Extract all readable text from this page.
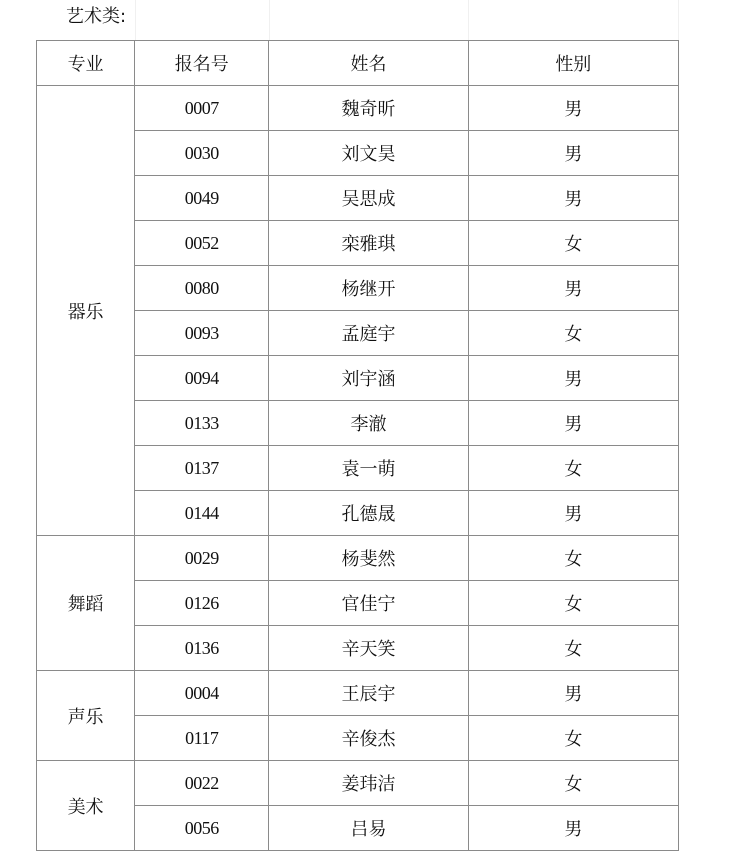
艺术类:
专业	报名号	姓名	性别
器乐	0007	魏奇昕	男
	0030	刘文昊	男
	0049	吴思成	男
	0052	栾雅琪	女
	0080	杨继开	男
	0093	孟庭宇	女
	0094	刘宇涵	男
	0133	李澈	男
	0137	袁一萌	女
	0144	孔德晟	男
舞蹈	0029	杨斐然	女
	0126	官佳宁	女
	0136	辛天笑	女
声乐	0004	王辰宇	男
	0117	辛俊杰	女
美术	0022	姜玮洁	女
	0056	吕易	男
